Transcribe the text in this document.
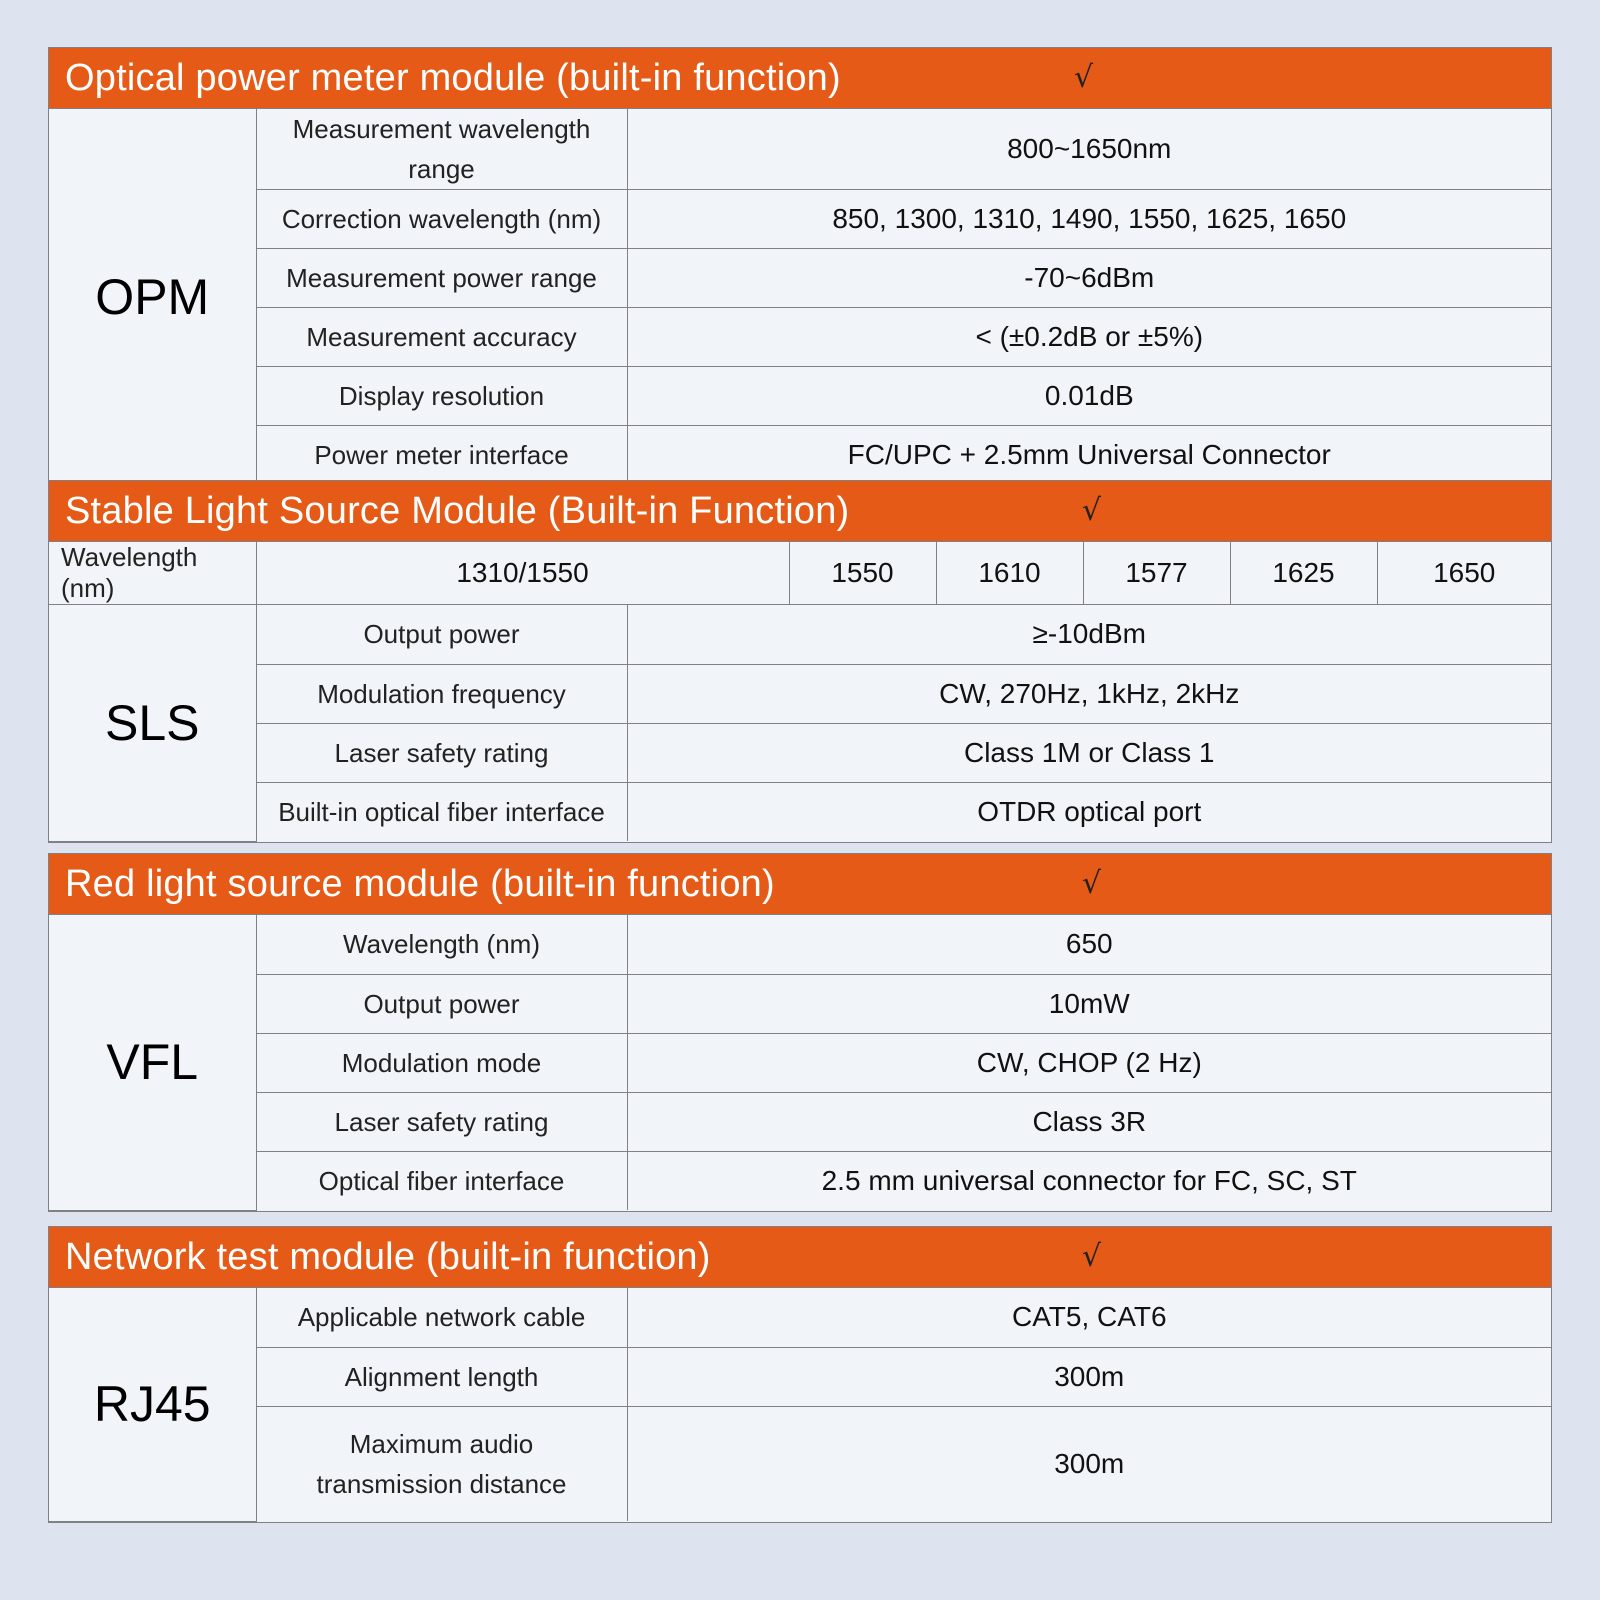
Optical power meter module (built-in function)	√
OPM	Measurement wavelength range	800~1650nm
	Correction wavelength (nm)	850, 1300, 1310, 1490, 1550, 1625, 1650
	Measurement power range	-70~6dBm
	Measurement accuracy	< (±0.2dB or ±5%)
	Display resolution	0.01dB
	Power meter interface	FC/UPC + 2.5mm Universal Connector
Stable Light Source Module (Built-in Function)	√
Wavelength (nm)	1310/1550	1550	1610	1577	1625	1650
SLS	Output power	≥-10dBm
	Modulation frequency	CW, 270Hz, 1kHz, 2kHz
	Laser safety rating	Class 1M or Class 1
	Built-in optical fiber interface	OTDR optical port
Red light source module (built-in function)	√
VFL	Wavelength (nm)	650
	Output power	10mW
	Modulation mode	CW, CHOP (2 Hz)
	Laser safety rating	Class 3R
	Optical fiber interface	2.5 mm universal connector for FC, SC, ST
Network test module (built-in function)	√
RJ45	Applicable network cable	CAT5, CAT6
	Alignment length	300m
	Maximum audio transmission distance	300m
